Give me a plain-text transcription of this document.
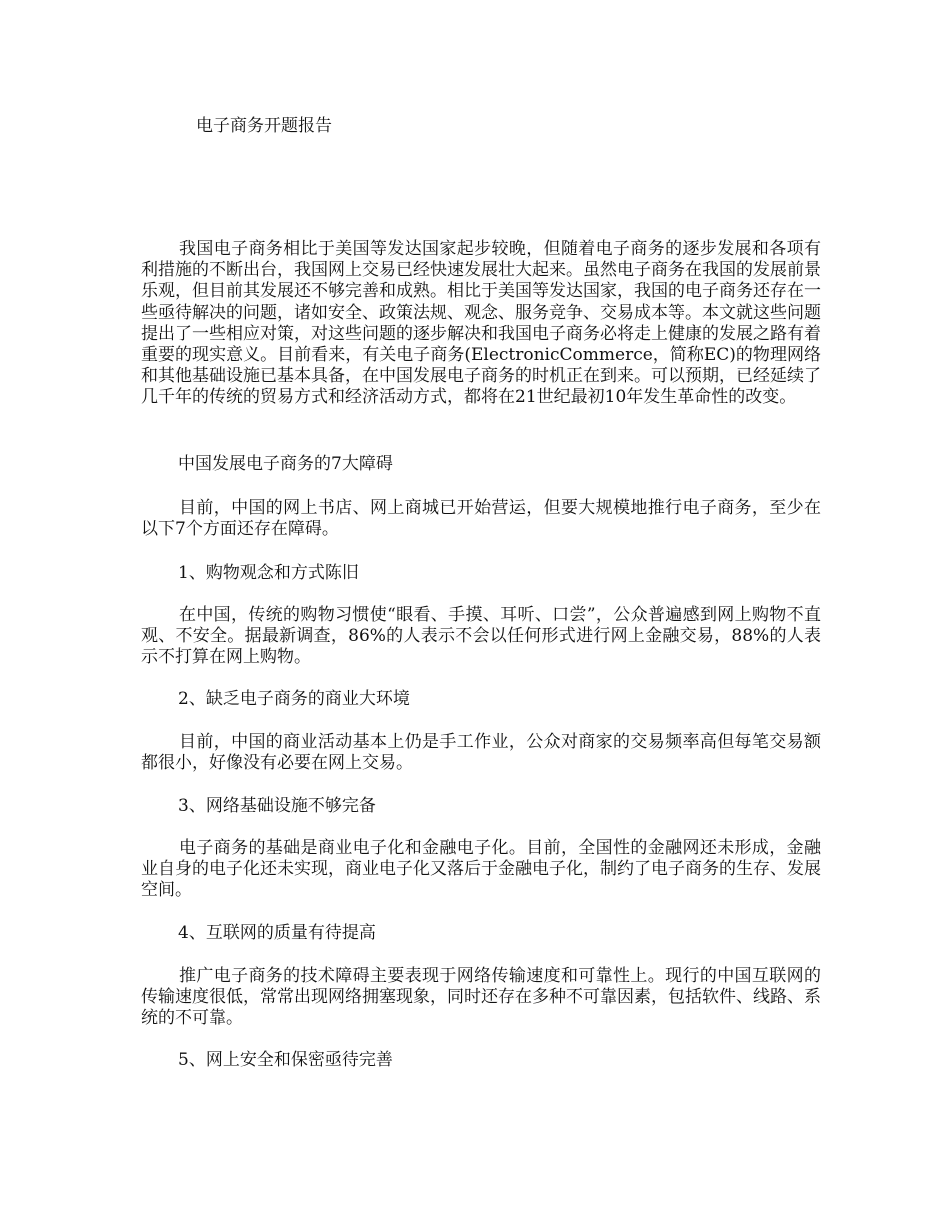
电子商务开题报告

我国电子商务相比于美国等发达国家起步较晚，但随着电子商务的逐步发展和各项有利措施的不断出台，我国网上交易已经快速发展壮大起来。虽然电子商务在我国的发展前景乐观，但目前其发展还不够完善和成熟。相比于美国等发达国家，我国的电子商务还存在一些亟待解决的问题，诸如安全、政策法规、观念、服务竞争、交易成本等。本文就这些问题提出了一些相应对策，对这些问题的逐步解决和我国电子商务必将走上健康的发展之路有着重要的现实意义。目前看来，有关电子商务(ElectronicCommerce，简称EC)的物理网络和其他基础设施已基本具备，在中国发展电子商务的时机正在到来。可以预期，已经延续了几千年的传统的贸易方式和经济活动方式，都将在21世纪最初10年发生革命性的改变。

中国发展电子商务的7大障碍

目前，中国的网上书店、网上商城已开始营运，但要大规模地推行电子商务，至少在以下7个方面还存在障碍。

1、购物观念和方式陈旧

在中国，传统的购物习惯使“眼看、手摸、耳听、口尝”，公众普遍感到网上购物不直观、不安全。据最新调查，86%的人表示不会以任何形式进行网上金融交易，88%的人表示不打算在网上购物。

2、缺乏电子商务的商业大环境

目前，中国的商业活动基本上仍是手工作业，公众对商家的交易频率高但每笔交易额都很小，好像没有必要在网上交易。

3、网络基础设施不够完备

电子商务的基础是商业电子化和金融电子化。目前，全国性的金融网还未形成，金融业自身的电子化还未实现，商业电子化又落后于金融电子化，制约了电子商务的生存、发展空间。

4、互联网的质量有待提高

推广电子商务的技术障碍主要表现于网络传输速度和可靠性上。现行的中国互联网的传输速度很低，常常出现网络拥塞现象，同时还存在多种不可靠因素，包括软件、线路、系统的不可靠。

5、网上安全和保密亟待完善
